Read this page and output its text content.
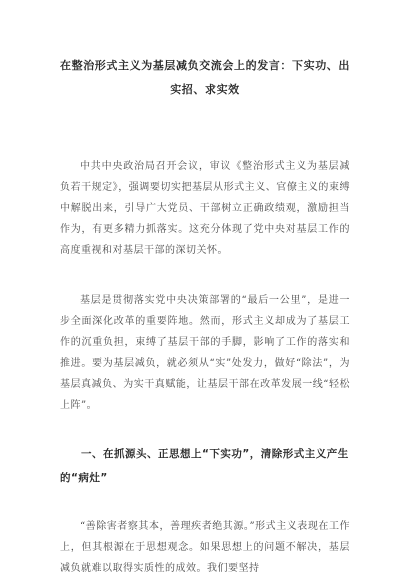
在整治形式主义为基层减负交流会上的发言：下实功、出实招、求实效

中共中央政治局召开会议，审议《整治形式主义为基层减负若干规定》，强调要切实把基层从形式主义、官僚主义的束缚中解脱出来，引导广大党员、干部树立正确政绩观，激励担当作为，有更多精力抓落实。这充分体现了党中央对基层工作的高度重视和对基层干部的深切关怀。

基层是贯彻落实党中央决策部署的“最后一公里”，是进一步全面深化改革的重要阵地。然而，形式主义却成为了基层工作的沉重负担，束缚了基层干部的手脚，影响了工作的落实和推进。要为基层减负，就必须从“实”处发力，做好“除法”，为基层真减负、为实干真赋能，让基层干部在改革发展一线“轻松上阵”。

一、在抓源头、正思想上“下实功”，清除形式主义产生的“病灶”

“善除害者察其本，善理疾者绝其源。”形式主义表现在工作上，但其根源在于思想观念。如果思想上的问题不解决，基层减负就难以取得实质性的成效。我们要坚持
